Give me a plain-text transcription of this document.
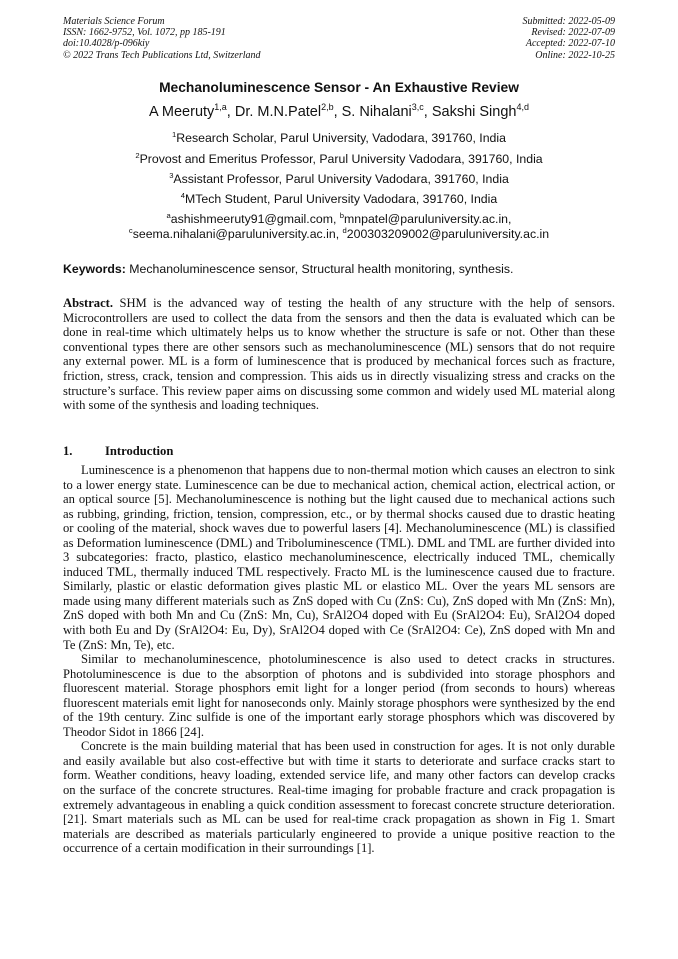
Materials Science Forum
ISSN: 1662-9752, Vol. 1072, pp 185-191
doi:10.4028/p-096kiy
© 2022 Trans Tech Publications Ltd, Switzerland
Submitted: 2022-05-09
Revised: 2022-07-09
Accepted: 2022-07-10
Online: 2022-10-25
Mechanoluminescence Sensor - An Exhaustive Review
A Meeruty$^{1,a}$, Dr. M.N.Patel$^{2,b}$, S. Nihalani$^{3,c}$, Sakshi Singh$^{4,d}$
$^1$Research Scholar, Parul University, Vadodara, 391760, India
$^2$Provost and Emeritus Professor, Parul University Vadodara, 391760, India
$^3$Assistant Professor, Parul University Vadodara, 391760, India
$^4$MTech Student, Parul University Vadodara, 391760, India
$^a$ashishmeeruty91@gmail.com, $^b$mnpatel@paruluniversity.ac.in,
$^c$seema.nihalani@paruluniversity.ac.in, $^d$200303209002@paruluniversity.ac.in
Keywords: Mechanoluminescence sensor, Structural health monitoring, synthesis.
Abstract. SHM is the advanced way of testing the health of any structure with the help of sensors. Microcontrollers are used to collect the data from the sensors and then the data is evaluated which can be done in real-time which ultimately helps us to know whether the structure is safe or not. Other than these conventional types there are other sensors such as mechanoluminescence (ML) sensors that do not require any external power. ML is a form of luminescence that is produced by mechanical forces such as fracture, friction, stress, crack, tension and compression. This aids us in directly visualizing stress and cracks on the structure’s surface. This review paper aims on discussing some common and widely used ML material along with some of the synthesis and loading techniques.
1.	Introduction

Luminescence is a phenomenon that happens due to non-thermal motion which causes an electron to sink to a lower energy state. Luminescence can be due to mechanical action, chemical action, electrical action, or an optical source [5]. Mechanoluminescence is nothing but the light caused due to mechanical actions such as rubbing, grinding, friction, tension, compression, etc., or by thermal shocks caused due to drastic heating or cooling of the material, shock waves due to powerful lasers [4]. Mechanoluminescence (ML) is classified as Deformation luminescence (DML) and Triboluminescence (TML). DML and TML are further divided into 3 subcategories: fracto, plastico, elastico mechanoluminescence, electrically induced TML, chemically induced TML, thermally induced TML respectively. Fracto ML is the luminescence caused due to fracture. Similarly, plastic or elastic deformation gives plastic ML or elastico ML. Over the years ML sensors are made using many different materials such as ZnS doped with Cu (ZnS: Cu), ZnS doped with Mn (ZnS: Mn), ZnS doped with both Mn and Cu (ZnS: Mn, Cu), SrAl2O4 doped with Eu (SrAl2O4: Eu), SrAl2O4 doped with both Eu and Dy (SrAl2O4: Eu, Dy), SrAl2O4 doped with Ce (SrAl2O4: Ce), ZnS doped with Mn and Te (ZnS: Mn, Te), etc.

Similar to mechanoluminescence, photoluminescence is also used to detect cracks in structures. Photoluminescence is due to the absorption of photons and is subdivided into storage phosphors and fluorescent material. Storage phosphors emit light for a longer period (from seconds to hours) whereas fluorescent materials emit light for nanoseconds only. Mainly storage phosphors were synthesized by the end of the 19th century. Zinc sulfide is one of the important early storage phosphors which was discovered by Theodor Sidot in 1866 [24].

Concrete is the main building material that has been used in construction for ages. It is not only durable and easily available but also cost-effective but with time it starts to deteriorate and surface cracks start to form. Weather conditions, heavy loading, extended service life, and many other factors can develop cracks on the surface of the concrete structures. Real-time imaging for probable fracture and crack propagation is extremely advantageous in enabling a quick condition assessment to forecast concrete structure deterioration. [21]. Smart materials such as ML can be used for real-time crack propagation as shown in Fig 1. Smart materials are described as materials particularly engineered to provide a unique positive reaction to the occurrence of a certain modification in their surroundings [1].
